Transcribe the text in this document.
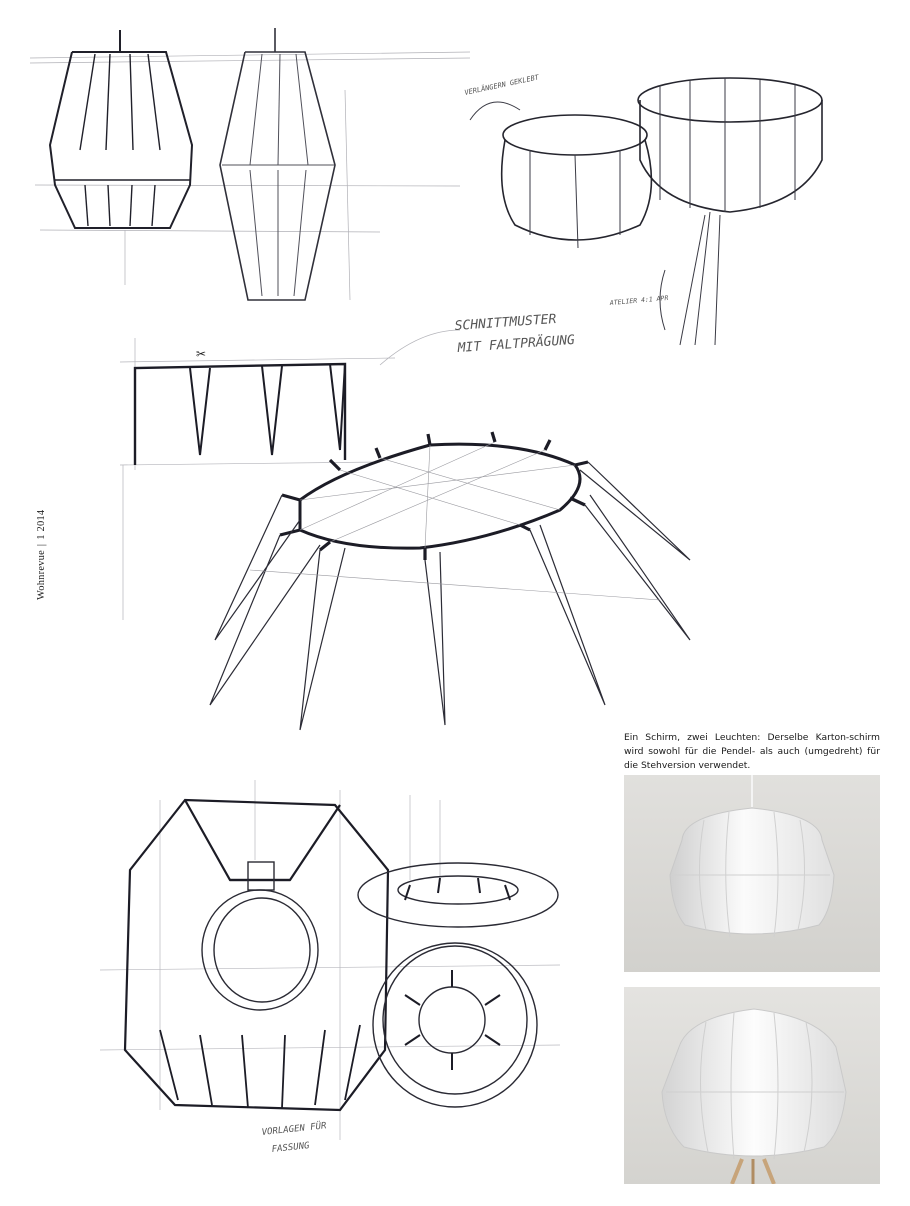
VERLÄNGERN GEKLEBT
ATELIER 4:1 APR
✂
SCHNITTMUSTER
MIT FALTPRÄGUNG
VORLAGEN FÜR
FASSUNG
Wohnrevue|1 2014
Ein Schirm, zwei Leuchten: Derselbe Karton-schirm wird sowohl für die Pendel- als auch (umgedreht) für die Stehversion verwendet.
